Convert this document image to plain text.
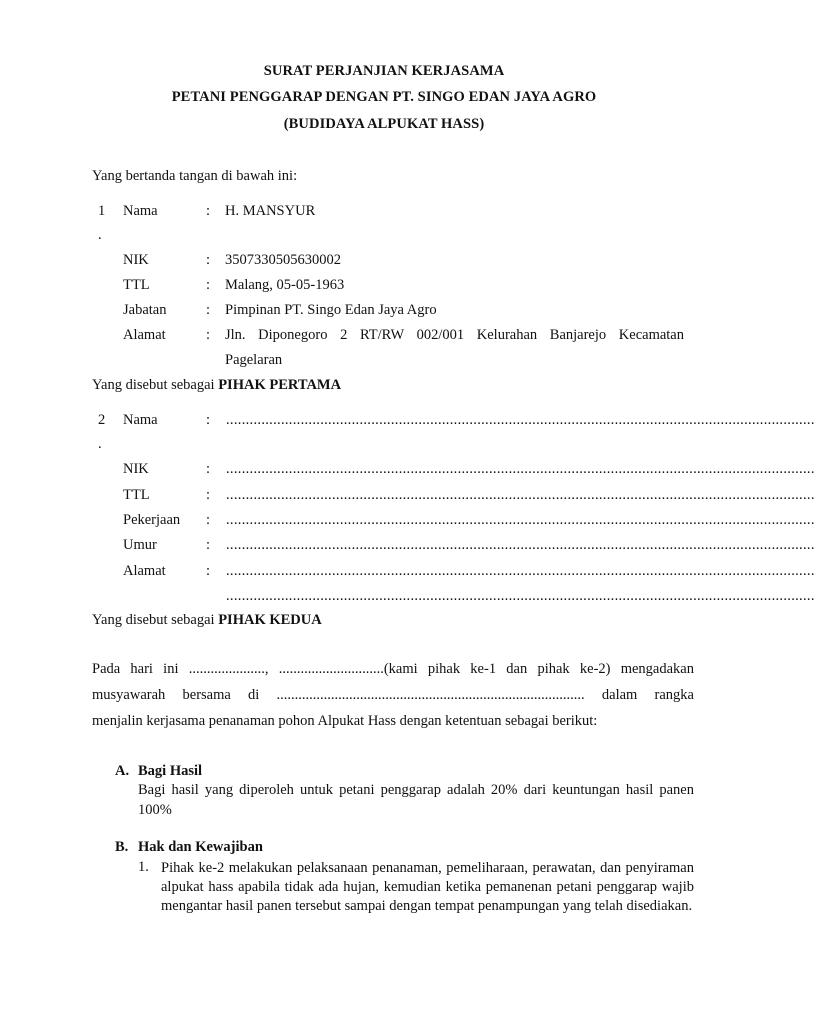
SURAT PERJANJIAN KERJASAMA
PETANI PENGGARAP DENGAN PT. SINGO EDAN JAYA AGRO
(BUDIDAYA ALPUKAT HASS)
Yang bertanda tangan di bawah ini:
1
.
Nama	: H. MANSYUR
NIK	: 3507330505630002
TTL	: Malang, 05-05-1963
Jabatan	: Pimpinan PT. Singo Edan Jaya Agro
Alamat	: Jln. Diponegoro 2 RT/RW 002/001 Kelurahan Banjarejo Kecamatan
Pagelaran
Yang disebut sebagai PIHAK PERTAMA
2
.
Nama	: ......................................................................................................................................................
NIK	: ......................................................................................................................................................
TTL	: ......................................................................................................................................................
Pekerjaan : ......................................................................................................................................................
Umur	: ......................................................................................................................................................
Alamat	: ......................................................................................................................................................
......................................................................................................................................................
Yang disebut sebagai PIHAK KEDUA
Pada hari ini ....................., .............................(kami pihak ke-1 dan pihak ke-2) mengadakan
musyawarah bersama di ..................................................................................... dalam rangka
menjalin kerjasama penanaman pohon Alpukat Hass dengan ketentuan sebagai berikut:
A. Bagi Hasil
Bagi hasil yang diperoleh untuk petani penggarap adalah 20% dari keuntungan hasil panen 100%
B. Hak dan Kewajiban
1. Pihak ke-2 melakukan pelaksanaan penanaman, pemeliharaan, perawatan, dan penyiraman alpukat hass apabila tidak ada hujan, kemudian ketika pemanenan petani penggarap wajib mengantar hasil panen tersebut sampai dengan tempat penampungan yang telah disediakan.
